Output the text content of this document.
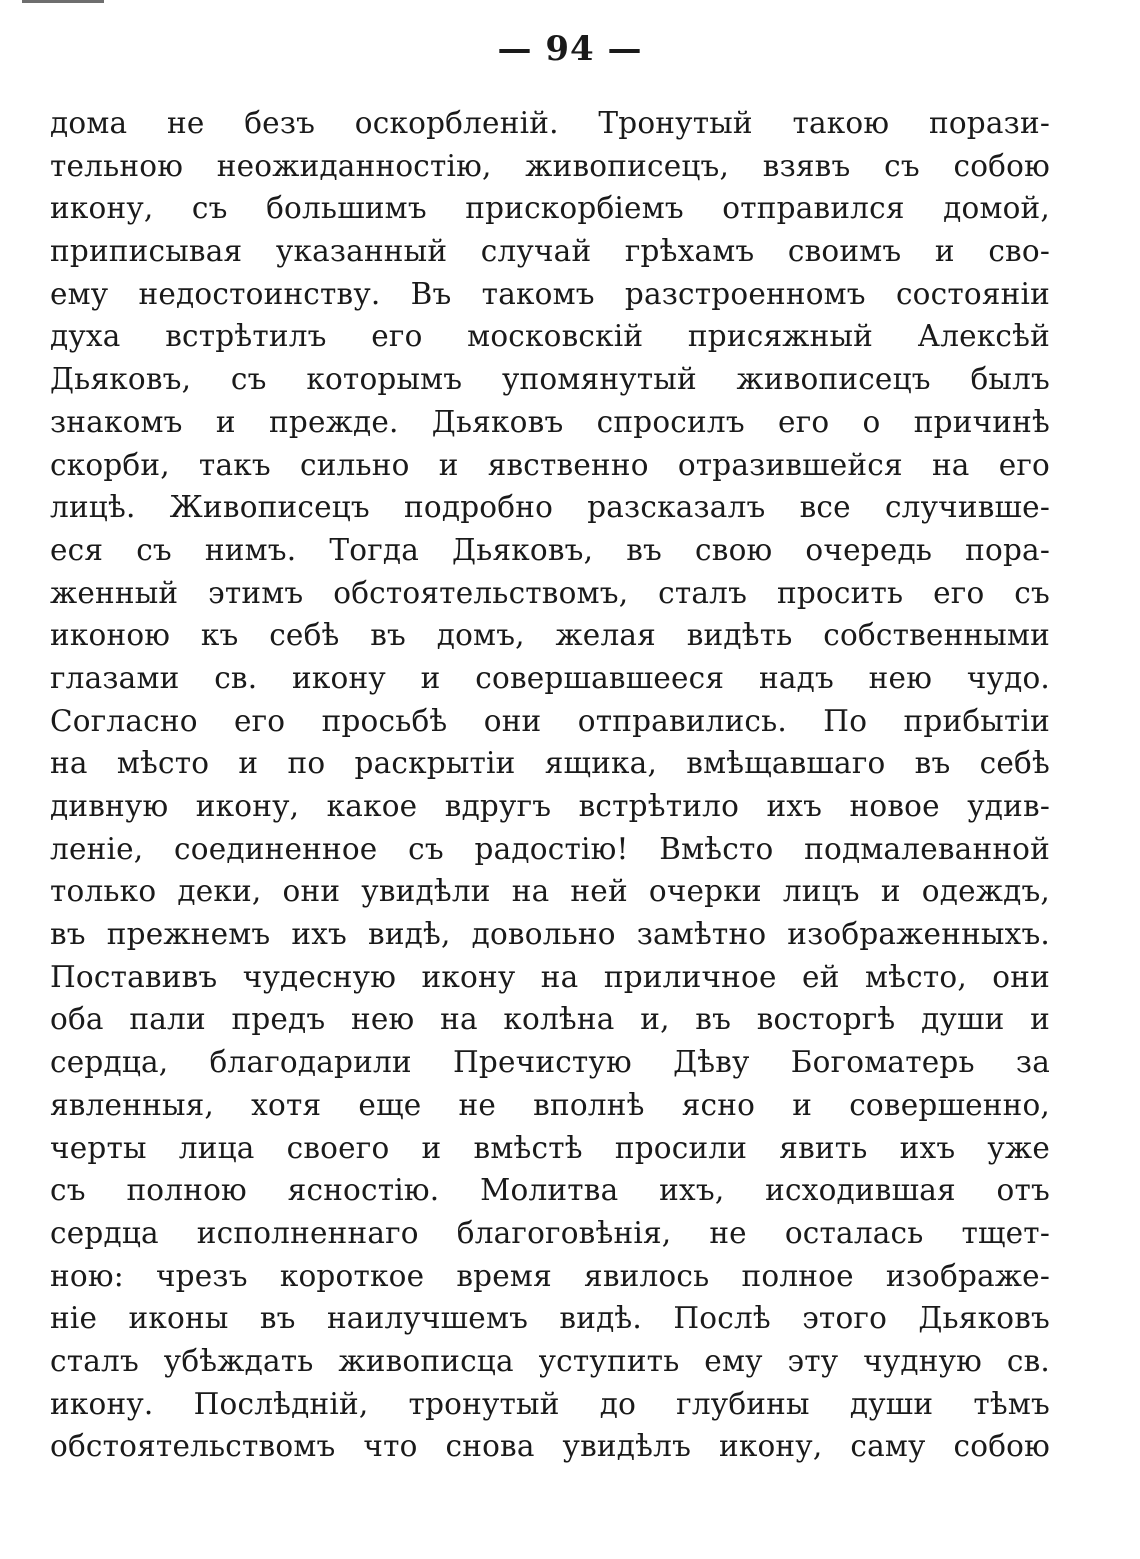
— 94 —
дома не безъ оскорбленій. Тронутый такою порази-
тельною неожиданностію, живописецъ, взявъ съ собою
икону, съ большимъ прискорбіемъ отправился домой,
приписывая указанный случай грѣхамъ своимъ и сво-
ему недостоинству. Въ такомъ разстроенномъ состояніи
духа встрѣтилъ его московскій присяжный Алексѣй
Дьяковъ, съ которымъ упомянутый живописецъ былъ
знакомъ и прежде. Дьяковъ спросилъ его о причинѣ
скорби, такъ сильно и явственно отразившейся на его
лицѣ. Живописецъ подробно разсказалъ все случивше-
еся съ нимъ. Тогда Дьяковъ, въ свою очередь пора-
женный этимъ обстоятельствомъ, сталъ просить его съ
иконою къ себѣ въ домъ, желая видѣть собственными
глазами св. икону и совершавшееся надъ нею чудо.
Согласно его просьбѣ они отправились. По прибытіи
на мѣсто и по раскрытіи ящика, вмѣщавшаго въ себѣ
дивную икону, какое вдругъ встрѣтило ихъ новое удив-
леніе, соединенное съ радостію! Вмѣсто подмалеванной
только деки, они увидѣли на ней очерки лицъ и одеждъ,
въ прежнемъ ихъ видѣ, довольно замѣтно изображенныхъ.
Поставивъ чудесную икону на приличное ей мѣсто, они
оба пали предъ нею на колѣна и, въ восторгѣ души и
сердца, благодарили Пречистую Дѣву Богоматерь за
явленныя, хотя еще не вполнѣ ясно и совершенно,
черты лица своего и вмѣстѣ просили явить ихъ уже
съ полною ясностію. Молитва ихъ, исходившая отъ
сердца исполненнаго благоговѣнія, не осталась тщет-
ною: чрезъ короткое время явилось полное изображе-
ніе иконы въ наилучшемъ видѣ. Послѣ этого Дьяковъ
сталъ убѣждать живописца уступить ему эту чудную св.
икону. Послѣдній, тронутый до глубины души тѣмъ
обстоятельствомъ что снова увидѣлъ икону, саму собою
